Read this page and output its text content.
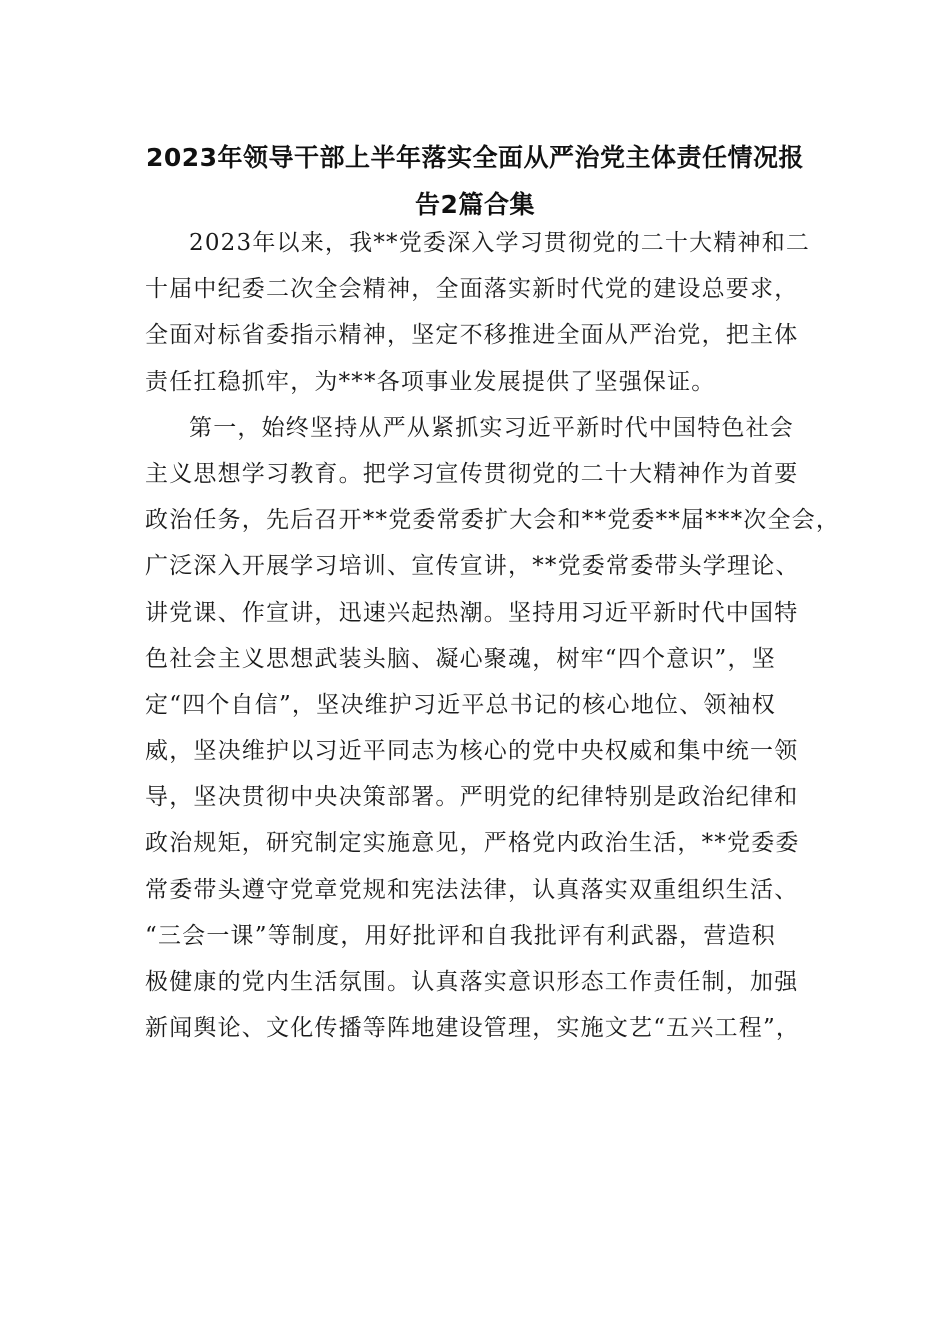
2023年领导干部上半年落实全面从严治党主体责任情况报
告2篇合集
2023年以来，我**党委深入学习贯彻党的二十大精神和二
十届中纪委二次全会精神，全面落实新时代党的建设总要求，
全面对标省委指示精神，坚定不移推进全面从严治党，把主体
责任扛稳抓牢，为***各项事业发展提供了坚强保证。
第一，始终坚持从严从紧抓实习近平新时代中国特色社会
主义思想学习教育。把学习宣传贯彻党的二十大精神作为首要
政治任务，先后召开**党委常委扩大会和**党委**届***次全会，
广泛深入开展学习培训、宣传宣讲，**党委常委带头学理论、
讲党课、作宣讲，迅速兴起热潮。坚持用习近平新时代中国特
色社会主义思想武装头脑、凝心聚魂，树牢“四个意识”，坚
定“四个自信”，坚决维护习近平总书记的核心地位、领袖权
威，坚决维护以习近平同志为核心的党中央权威和集中统一领
导，坚决贯彻中央决策部署。严明党的纪律特别是政治纪律和
政治规矩，研究制定实施意见，严格党内政治生活，**党委委
常委带头遵守党章党规和宪法法律，认真落实双重组织生活、
“三会一课”等制度，用好批评和自我批评有利武器，营造积
极健康的党内生活氛围。认真落实意识形态工作责任制，加强
新闻舆论、文化传播等阵地建设管理，实施文艺“五兴工程”，
